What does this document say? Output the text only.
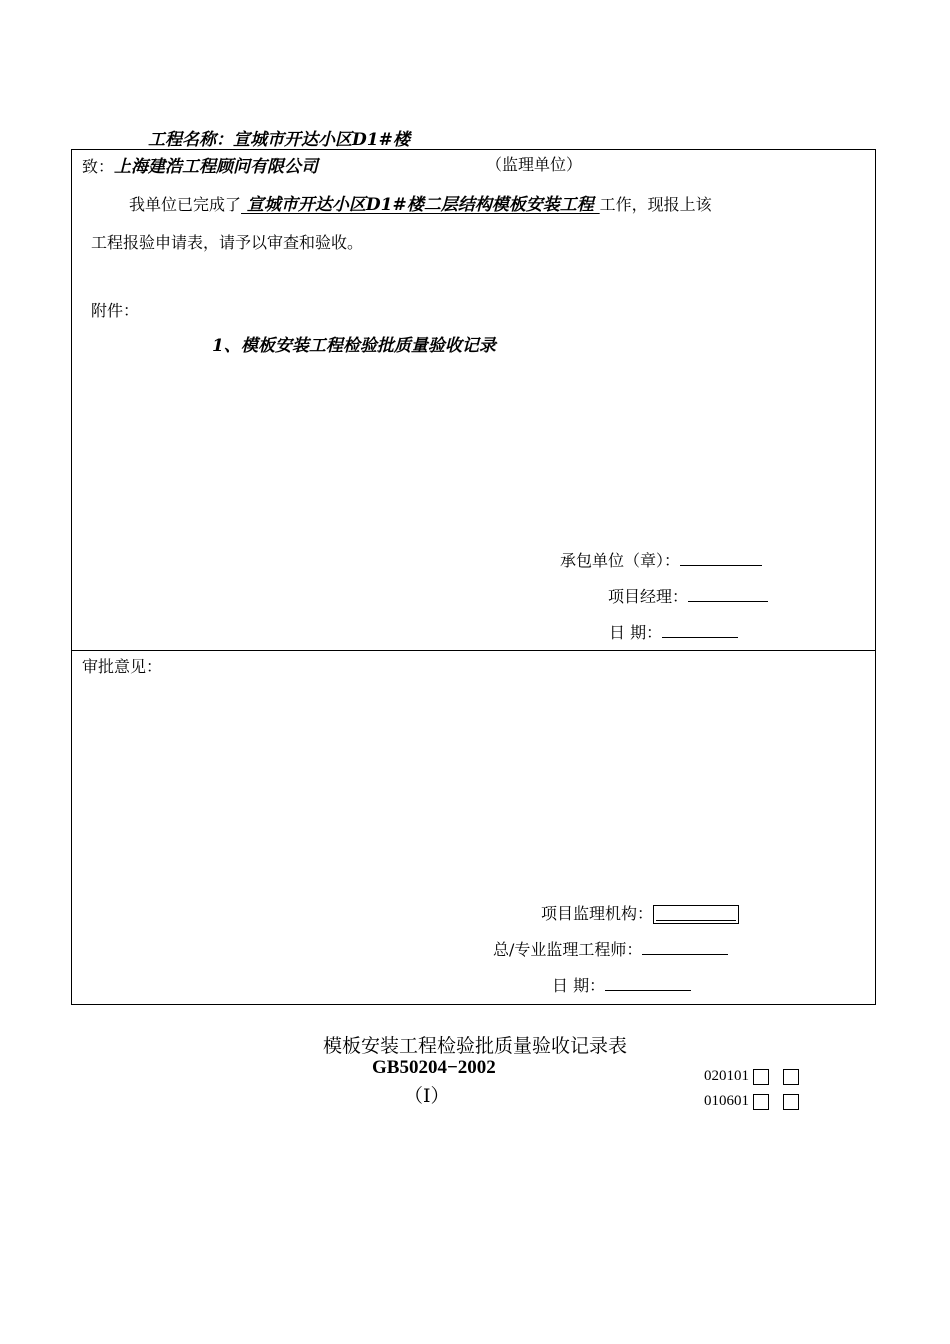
工程名称：宣城市开达小区D1#楼
致：上海建浩工程顾问有限公司	（监理单位）
我单位已完成了 宣城市开达小区D1#楼二层结构模板安装工程 工作，现报上该
工程报验申请表，请予以审查和验收。
附件：
1、模板安装工程检验批质量验收记录
承包单位（章）：
项目经理：
日 期：
审批意见：
项目监理机构：
总/专业监理工程师：
日 期：
模板安装工程检验批质量验收记录表
GB50204−2002
（Ⅰ）
020101
010601
